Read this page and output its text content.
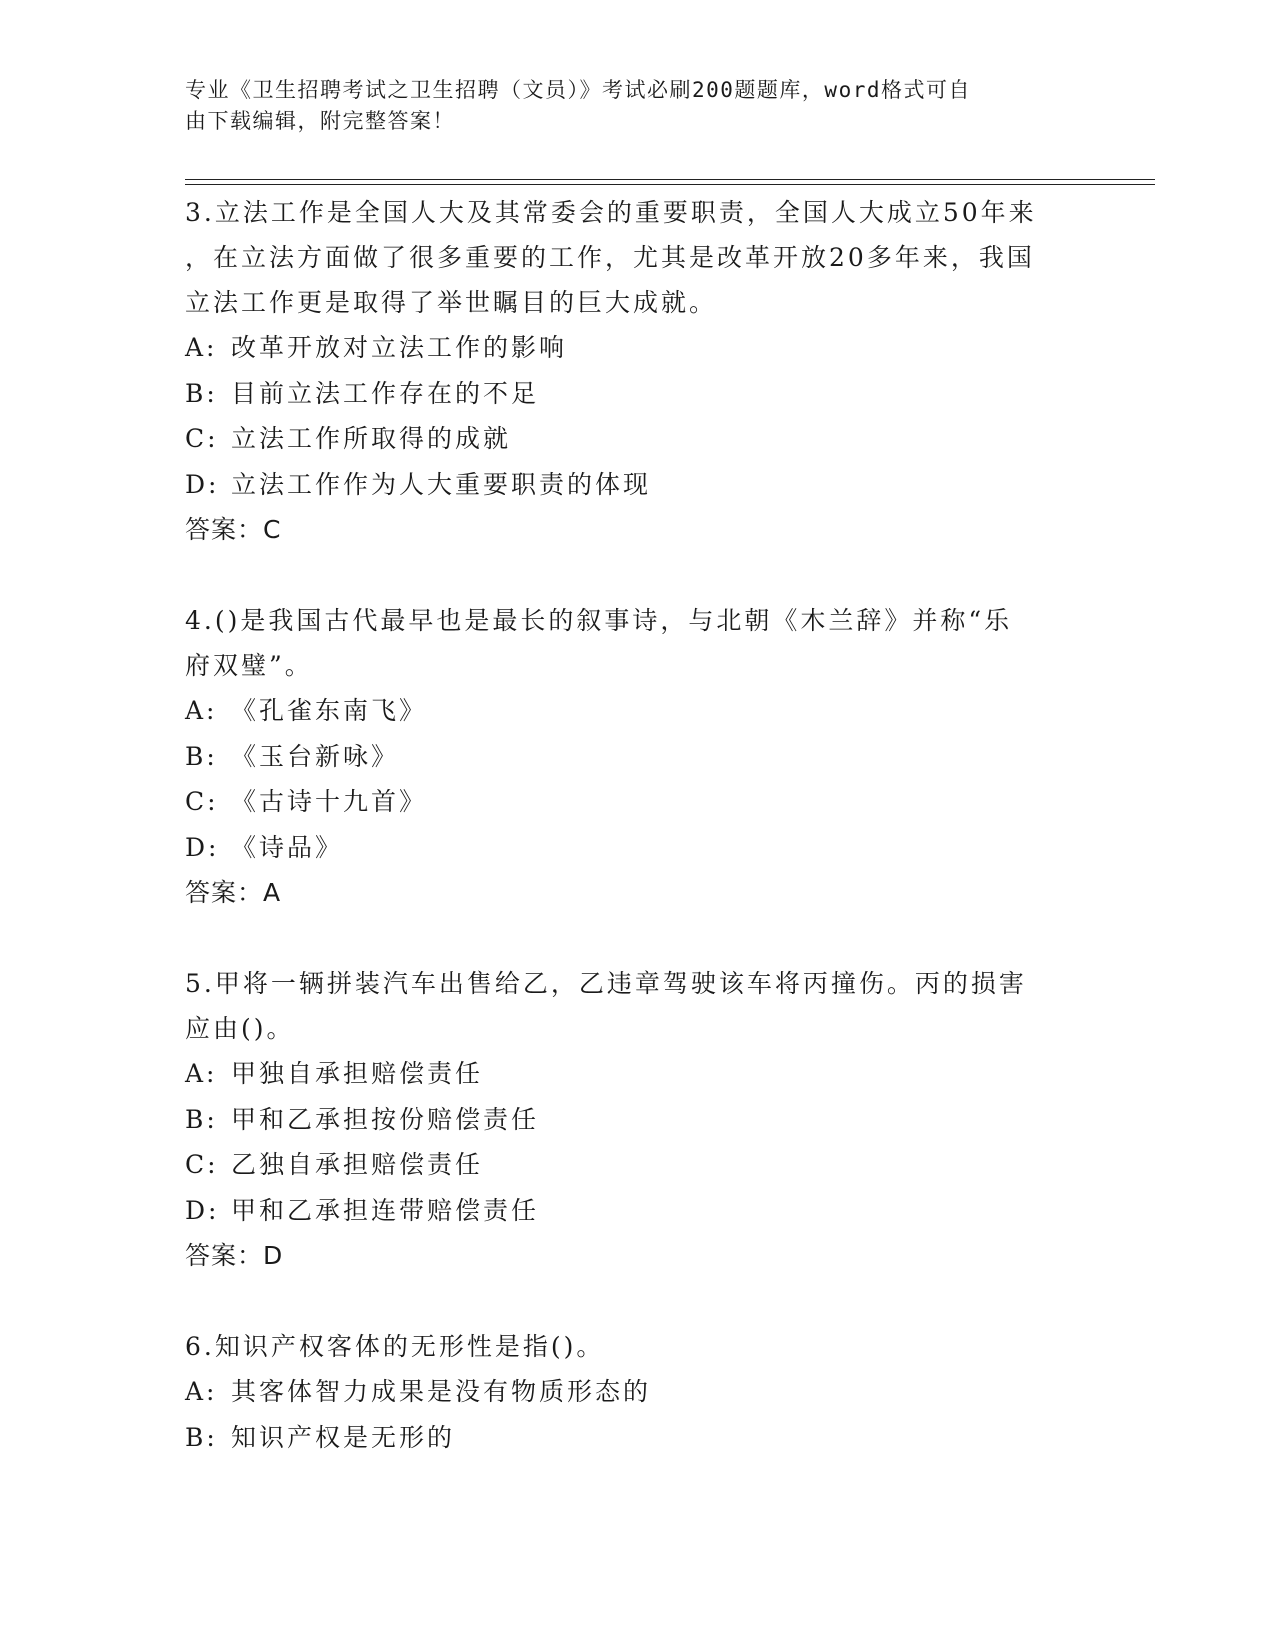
专业《卫生招聘考试之卫生招聘（文员）》考试必刷200题题库，word格式可自
由下载编辑，附完整答案！

3.立法工作是全国人大及其常委会的重要职责，全国人大成立50年来

，在立法方面做了很多重要的工作，尤其是改革开放20多年来，我国

立法工作更是取得了举世瞩目的巨大成就。

A: 改革开放对立法工作的影响

B: 目前立法工作存在的不足

C: 立法工作所取得的成就

D: 立法工作作为人大重要职责的体现

答案：C

4.()是我国古代最早也是最长的叙事诗，与北朝《木兰辞》并称“乐

府双璧”。

A: 《孔雀东南飞》

B: 《玉台新咏》

C: 《古诗十九首》

D: 《诗品》

答案：A

5.甲将一辆拼装汽车出售给乙，乙违章驾驶该车将丙撞伤。丙的损害

应由()。

A: 甲独自承担赔偿责任

B: 甲和乙承担按份赔偿责任

C: 乙独自承担赔偿责任

D: 甲和乙承担连带赔偿责任

答案：D

6.知识产权客体的无形性是指()。

A: 其客体智力成果是没有物质形态的

B: 知识产权是无形的
